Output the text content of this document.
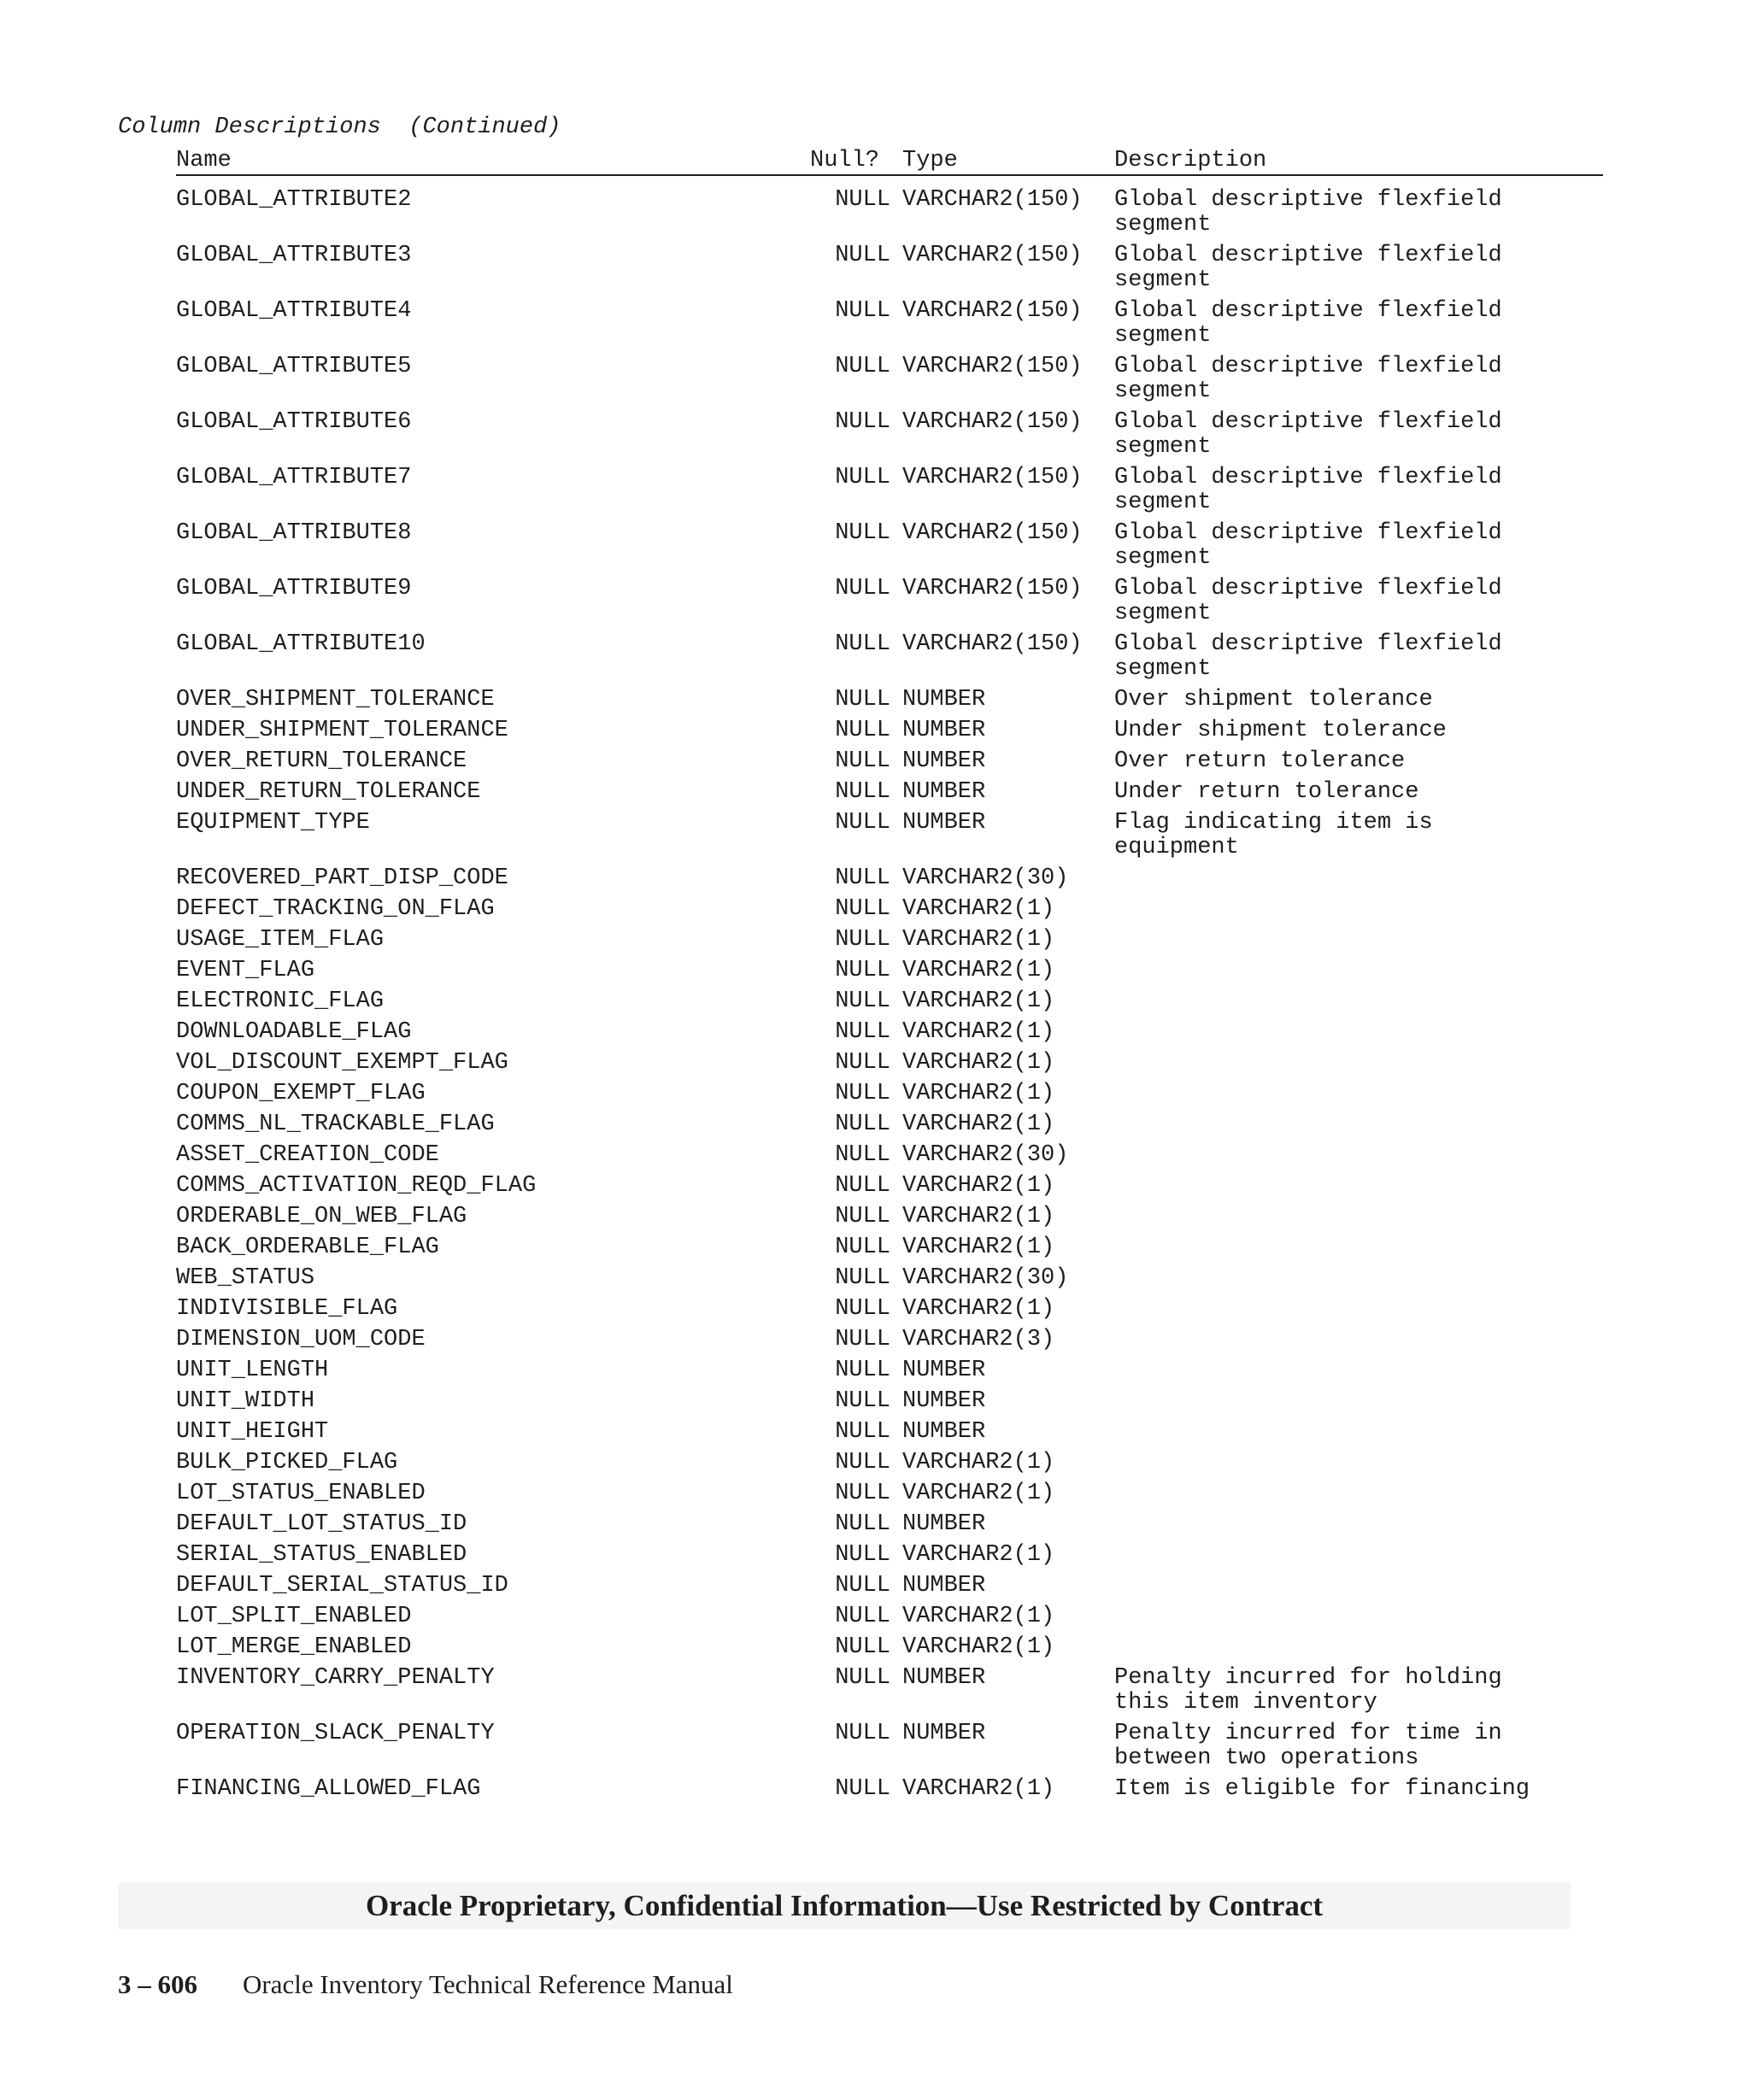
Column Descriptions  (Continued)
Name	Null? Type	Description
GLOBAL_ATTRIBUTE2	NULL VARCHAR2(150) Global descriptive flexfield
segment
GLOBAL_ATTRIBUTE3	NULL VARCHAR2(150) Global descriptive flexfield
segment
GLOBAL_ATTRIBUTE4	NULL VARCHAR2(150) Global descriptive flexfield
segment
GLOBAL_ATTRIBUTE5	NULL VARCHAR2(150) Global descriptive flexfield
segment
GLOBAL_ATTRIBUTE6	NULL VARCHAR2(150) Global descriptive flexfield
segment
GLOBAL_ATTRIBUTE7	NULL VARCHAR2(150) Global descriptive flexfield
segment
GLOBAL_ATTRIBUTE8	NULL VARCHAR2(150) Global descriptive flexfield
segment
GLOBAL_ATTRIBUTE9	NULL VARCHAR2(150) Global descriptive flexfield
segment
GLOBAL_ATTRIBUTE10	NULL VARCHAR2(150) Global descriptive flexfield
segment
OVER_SHIPMENT_TOLERANCE	NULL NUMBER	Over shipment tolerance
UNDER_SHIPMENT_TOLERANCE	NULL NUMBER	Under shipment tolerance
OVER_RETURN_TOLERANCE	NULL NUMBER	Over return tolerance
UNDER_RETURN_TOLERANCE	NULL NUMBER	Under return tolerance
EQUIPMENT_TYPE	NULL NUMBER	Flag indicating item is
equipment
RECOVERED_PART_DISP_CODE	NULL VARCHAR2(30)
DEFECT_TRACKING_ON_FLAG	NULL VARCHAR2(1)
USAGE_ITEM_FLAG	NULL VARCHAR2(1)
EVENT_FLAG	NULL VARCHAR2(1)
ELECTRONIC_FLAG	NULL VARCHAR2(1)
DOWNLOADABLE_FLAG	NULL VARCHAR2(1)
VOL_DISCOUNT_EXEMPT_FLAG	NULL VARCHAR2(1)
COUPON_EXEMPT_FLAG	NULL VARCHAR2(1)
COMMS_NL_TRACKABLE_FLAG	NULL VARCHAR2(1)
ASSET_CREATION_CODE	NULL VARCHAR2(30)
COMMS_ACTIVATION_REQD_FLAG	NULL VARCHAR2(1)
ORDERABLE_ON_WEB_FLAG	NULL VARCHAR2(1)
BACK_ORDERABLE_FLAG	NULL VARCHAR2(1)
WEB_STATUS	NULL VARCHAR2(30)
INDIVISIBLE_FLAG	NULL VARCHAR2(1)
DIMENSION_UOM_CODE	NULL VARCHAR2(3)
UNIT_LENGTH	NULL NUMBER
UNIT_WIDTH	NULL NUMBER
UNIT_HEIGHT	NULL NUMBER
BULK_PICKED_FLAG	NULL VARCHAR2(1)
LOT_STATUS_ENABLED	NULL VARCHAR2(1)
DEFAULT_LOT_STATUS_ID	NULL NUMBER
SERIAL_STATUS_ENABLED	NULL VARCHAR2(1)
DEFAULT_SERIAL_STATUS_ID	NULL NUMBER
LOT_SPLIT_ENABLED	NULL VARCHAR2(1)
LOT_MERGE_ENABLED	NULL VARCHAR2(1)
INVENTORY_CARRY_PENALTY	NULL NUMBER	Penalty incurred for holding
this item inventory
OPERATION_SLACK_PENALTY	NULL NUMBER	Penalty incurred for time in
between two operations
FINANCING_ALLOWED_FLAG	NULL VARCHAR2(1)	Item is eligible for financing
Oracle Proprietary, Confidential Information––Use Restricted by Contract
3 – 606 Oracle Inventory Technical Reference Manual
